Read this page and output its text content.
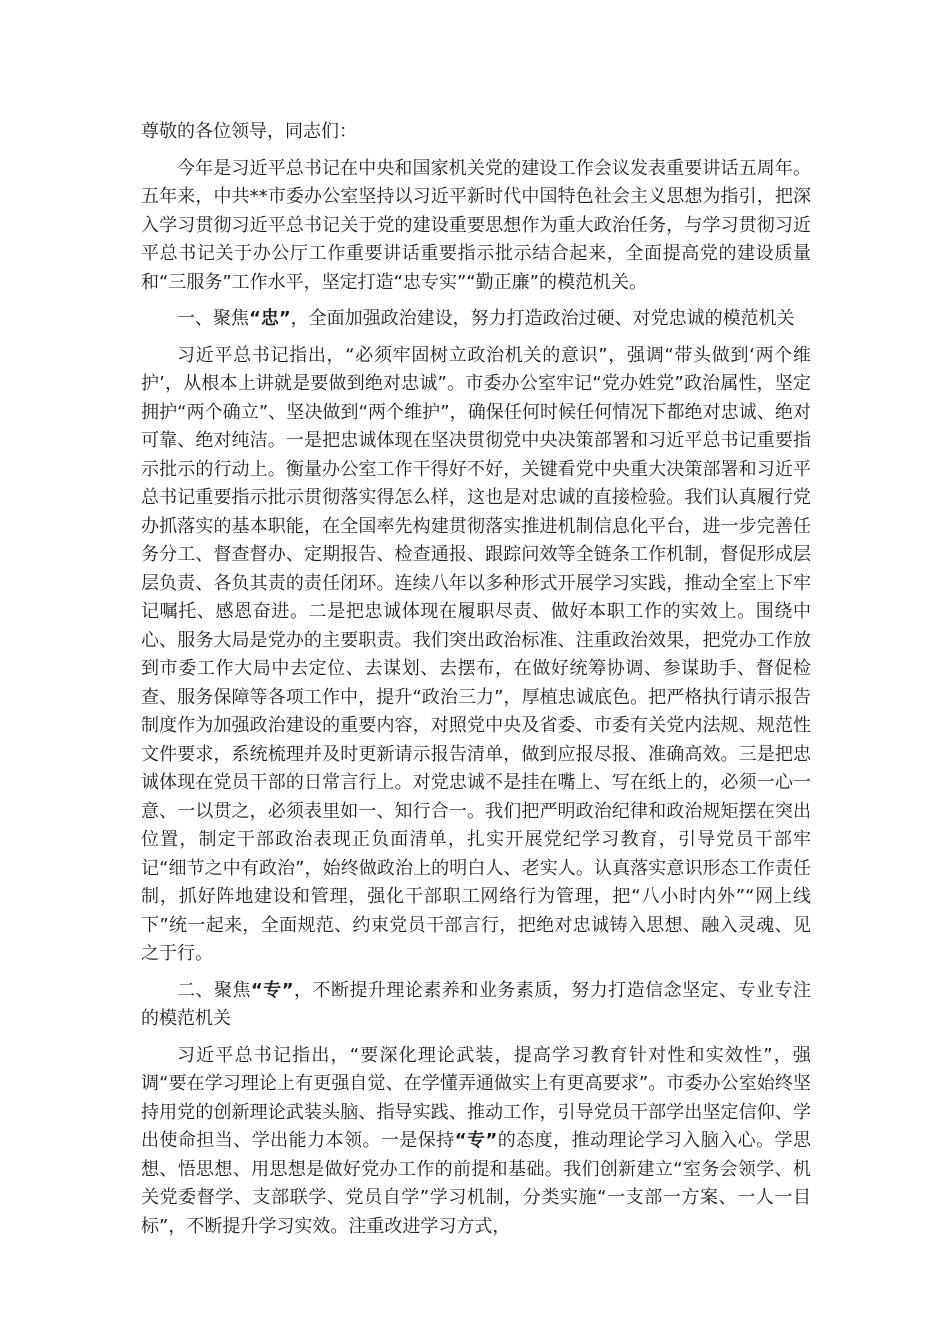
尊敬的各位领导，同志们：

今年是习近平总书记在中央和国家机关党的建设工作会议发表重要讲话五周年。五年来，中共**市委办公室坚持以习近平新时代中国特色社会主义思想为指引，把深入学习贯彻习近平总书记关于党的建设重要思想作为重大政治任务，与学习贯彻习近平总书记关于办公厅工作重要讲话重要指示批示结合起来，全面提高党的建设质量和“三服务”工作水平，坚定打造“忠专实”“勤正廉”的模范机关。

一、聚焦“忠”，全面加强政治建设，努力打造政治过硬、对党忠诚的模范机关

习近平总书记指出，“必须牢固树立政治机关的意识”，强调“带头做到‘两个维护’，从根本上讲就是要做到绝对忠诚”。市委办公室牢记“党办姓党”政治属性，坚定拥护“两个确立”、坚决做到“两个维护”，确保任何时候任何情况下都绝对忠诚、绝对可靠、绝对纯洁。一是把忠诚体现在坚决贯彻党中央决策部署和习近平总书记重要指示批示的行动上。衡量办公室工作干得好不好，关键看党中央重大决策部署和习近平总书记重要指示批示贯彻落实得怎么样，这也是对忠诚的直接检验。我们认真履行党办抓落实的基本职能，在全国率先构建贯彻落实推进机制信息化平台，进一步完善任务分工、督查督办、定期报告、检查通报、跟踪问效等全链条工作机制，督促形成层层负责、各负其责的责任闭环。连续八年以多种形式开展学习实践，推动全室上下牢记嘱托、感恩奋进。二是把忠诚体现在履职尽责、做好本职工作的实效上。围绕中心、服务大局是党办的主要职责。我们突出政治标准、注重政治效果，把党办工作放到市委工作大局中去定位、去谋划、去摆布，在做好统筹协调、参谋助手、督促检查、服务保障等各项工作中，提升“政治三力”，厚植忠诚底色。把严格执行请示报告制度作为加强政治建设的重要内容，对照党中央及省委、市委有关党内法规、规范性文件要求，系统梳理并及时更新请示报告清单，做到应报尽报、准确高效。三是把忠诚体现在党员干部的日常言行上。对党忠诚不是挂在嘴上、写在纸上的，必须一心一意、一以贯之，必须表里如一、知行合一。我们把严明政治纪律和政治规矩摆在突出位置，制定干部政治表现正负面清单，扎实开展党纪学习教育，引导党员干部牢记“细节之中有政治”，始终做政治上的明白人、老实人。认真落实意识形态工作责任制，抓好阵地建设和管理，强化干部职工网络行为管理，把“八小时内外”“网上线下”统一起来，全面规范、约束党员干部言行，把绝对忠诚铸入思想、融入灵魂、见之于行。

二、聚焦“专”，不断提升理论素养和业务素质，努力打造信念坚定、专业专注的模范机关

习近平总书记指出，“要深化理论武装，提高学习教育针对性和实效性”，强调“要在学习理论上有更强自觉、在学懂弄通做实上有更高要求”。市委办公室始终坚持用党的创新理论武装头脑、指导实践、推动工作，引导党员干部学出坚定信仰、学出使命担当、学出能力本领。一是保持“专”的态度，推动理论学习入脑入心。学思想、悟思想、用思想是做好党办工作的前提和基础。我们创新建立“室务会领学、机关党委督学、支部联学、党员自学”学习机制，分类实施“一支部一方案、一人一目标”，不断提升学习实效。注重改进学习方式，
